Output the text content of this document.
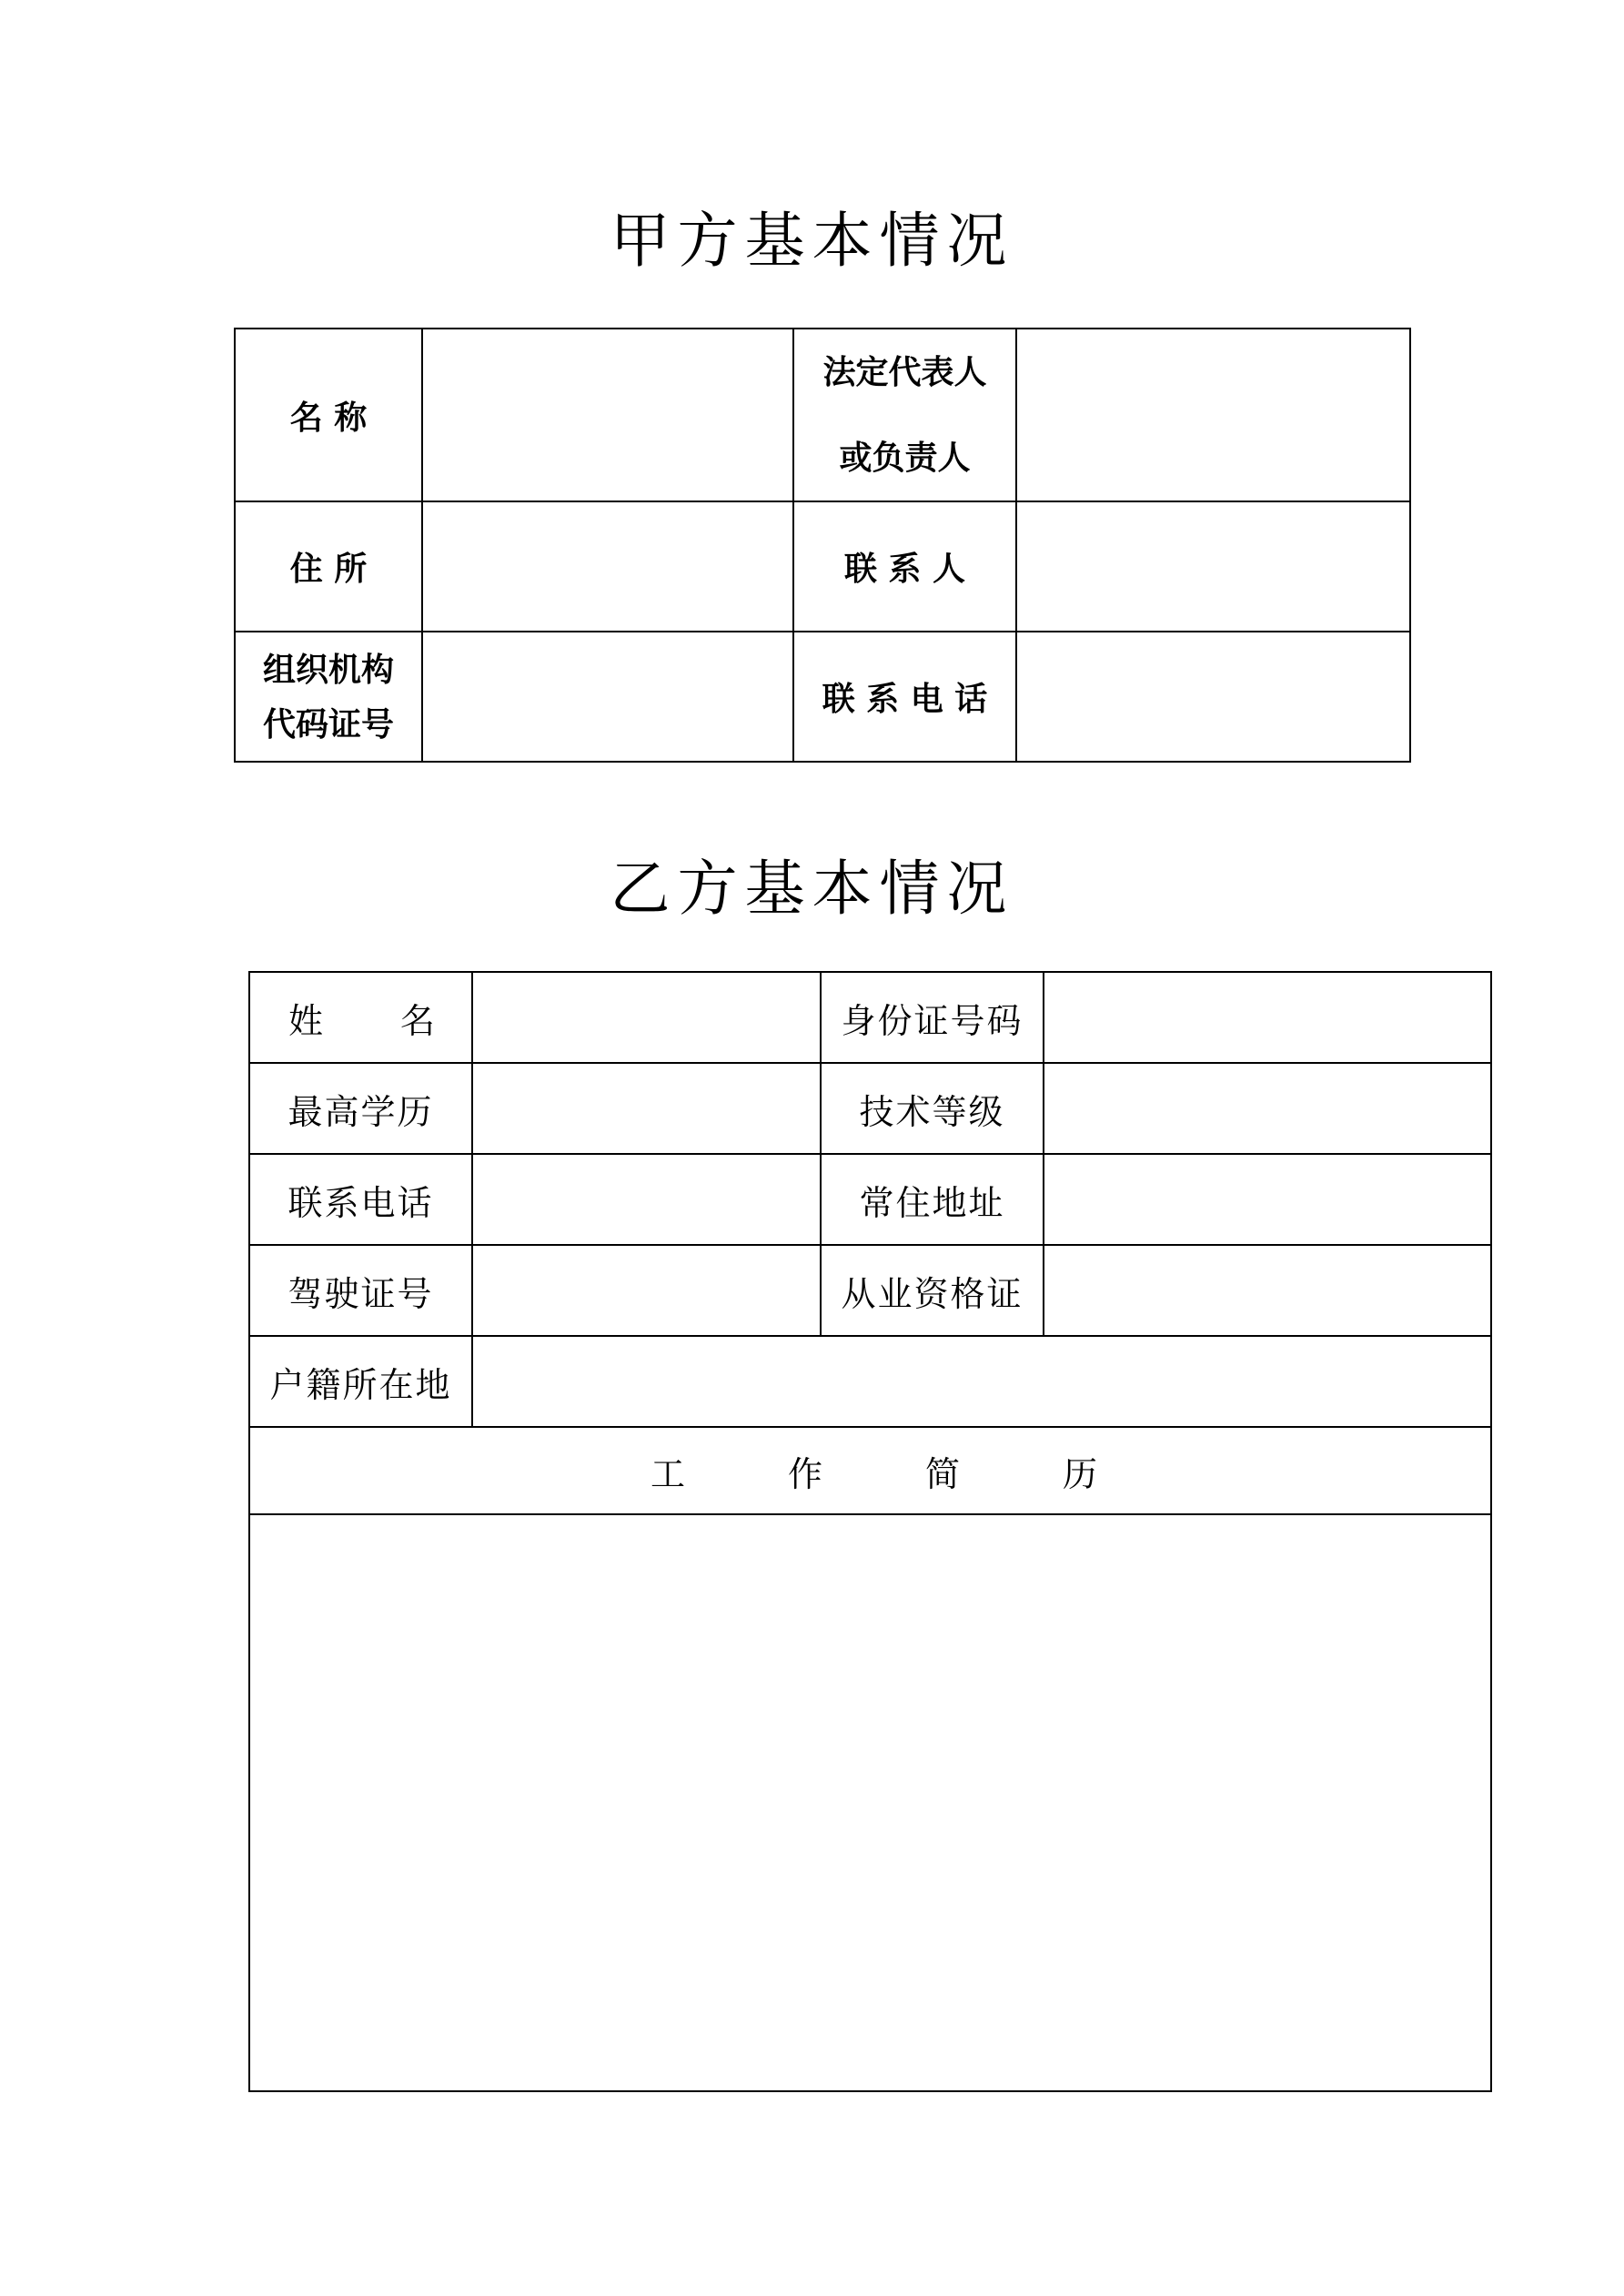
甲方基本情况
名 称		法定代表人
或负责人	

住 所		联 系 人	

组织机构
代码证号		联 系 电 话	
乙方基本情况
姓 名		身份证号码	
最高学历		技术等级	
联系电话		常住地址	
驾驶证号		从业资格证	
户籍所在地			

工 作 简 历			
